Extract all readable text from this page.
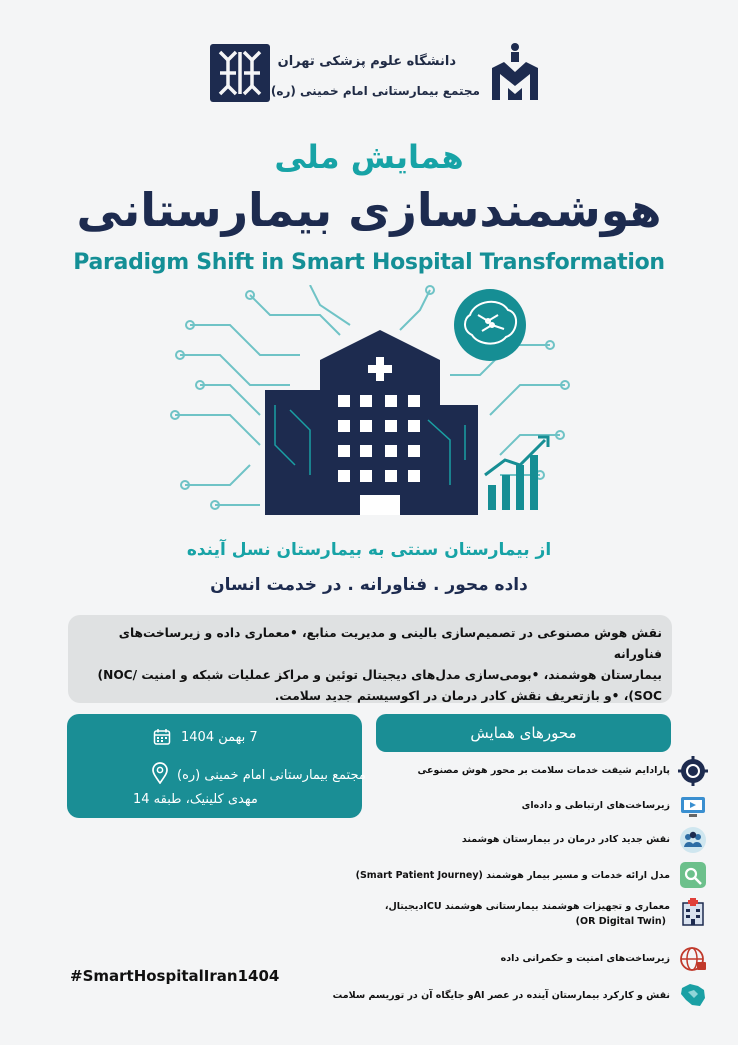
دانشگاه علوم پزشکی تهران
مجتمع بیمارستانی امام خمینی (ره)
همایش ملی
هوشمندسازی بیمارستانی
Paradigm Shift in Smart Hospital Transformation
از بیمارستان سنتی به بیمارستان نسل آینده
داده محور . فناورانه . در خدمت انسان
نقش هوش مصنوعی در تصمیم‌سازی بالینی و مدیریت منابع، •معماری داده و زیرساخت‌های فناورانه
بیمارستان هوشمند، •بومی‌سازی مدل‌های دیجیتال توئین و مراکز عملیات شبکه و امنیت /NOC)
SOC)، •و بازتعریف نقش کادر درمان در اکوسیستم جدید سلامت.
7 بهمن 1404
مجتمع بیمارستانی امام خمینی (ره)
مهدی کلینیک، طبقه 14
محورهای همایش
پارادایم شیفت خدمات سلامت بر محور هوش مصنوعی
زیرساخت‌های ارتباطی و داده‌ای
نقش جدید کادر درمان در بیمارستان هوشمند
مدل ارائه خدمات و مسیر بیمار هوشمند (Smart Patient Journey)
معماری و تجهیزات هوشمند بیمارستانی هوشمند ICUدیجیتال،
(OR Digital Twin)
زیرساخت‌های امنیت و حکمرانی داده
نقش و کارکرد بیمارستان آینده در عصر AIو جایگاه آن در توریسم سلامت
#SmartHospitalIran1404
